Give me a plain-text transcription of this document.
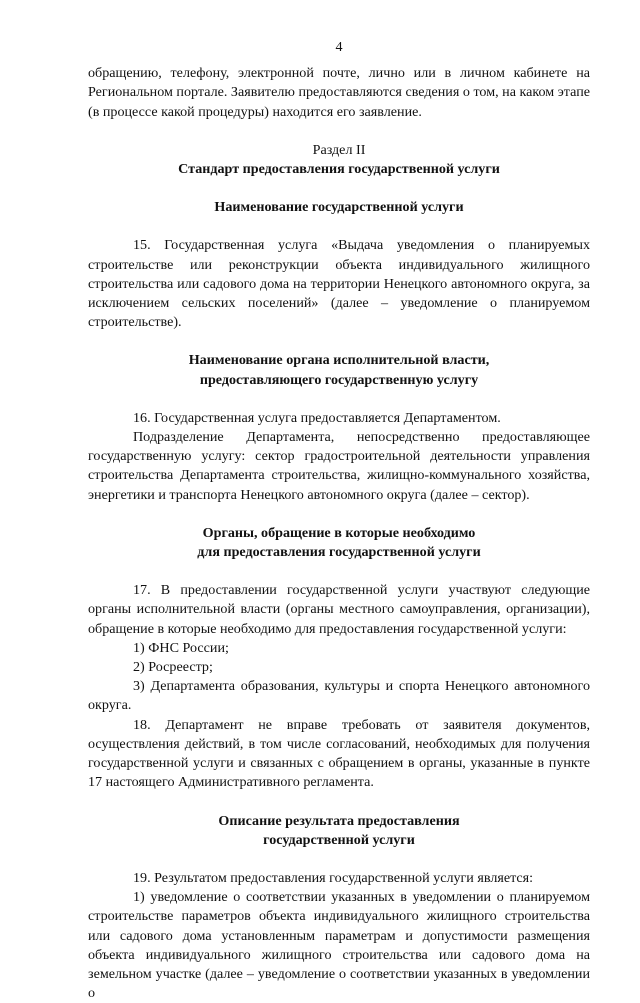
4

обращению, телефону, электронной почте, лично или в личном кабинете на Региональном портале. Заявителю предоставляются сведения о том, на каком этапе (в процессе какой процедуры) находится его заявление.

Раздел II
Стандарт предоставления государственной услуги
Наименование государственной услуги

15. Государственная услуга «Выдача уведомления о планируемых строительстве или реконструкции объекта индивидуального жилищного строительства или садового дома на территории Ненецкого автономного округа, за исключением сельских поселений» (далее – уведомление о планируемом строительстве).

Наименование органа исполнительной власти,
предоставляющего государственную услугу

16. Государственная услуга предоставляется Департаментом.

Подразделение Департамента, непосредственно предоставляющее государственную услугу: сектор градостроительной деятельности управления строительства Департамента строительства, жилищно-коммунального хозяйства, энергетики и транспорта Ненецкого автономного округа (далее – сектор).

Органы, обращение в которые необходимо
для предоставления государственной услуги

17. В предоставлении государственной услуги участвуют следующие органы исполнительной власти (органы местного самоуправления, организации), обращение в которые необходимо для предоставления государственной услуги:

1) ФНС России;

2) Росреестр;

3) Департамента образования, культуры и спорта Ненецкого автономного округа.

18. Департамент не вправе требовать от заявителя документов, осуществления действий, в том числе согласований, необходимых для получения государственной услуги и связанных с обращением в органы, указанные в пункте 17 настоящего Административного регламента.

Описание результата предоставления
государственной услуги

19. Результатом предоставления государственной услуги является:

1) уведомление о соответствии указанных в уведомлении о планируемом строительстве параметров объекта индивидуального жилищного строительства или садового дома установленным параметрам и допустимости размещения объекта индивидуального жилищного строительства или садового дома на земельном участке (далее – уведомление о соответствии указанных в уведомлении о
